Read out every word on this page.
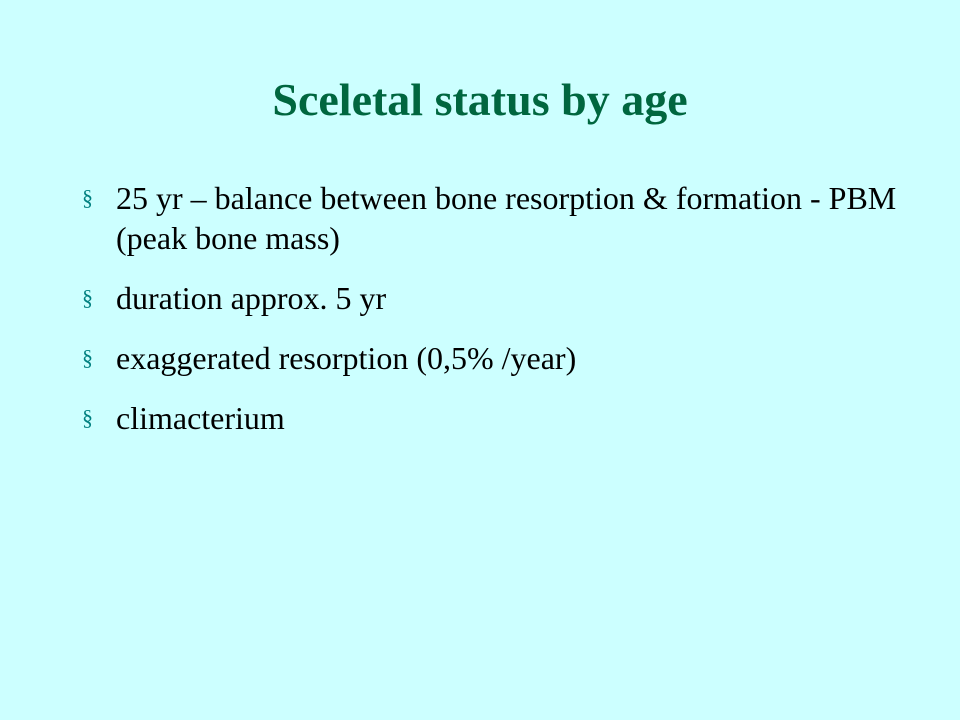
Sceletal status by age
§ 25 yr – balance between bone resorption & formation - PBM (peak bone mass)
§ duration approx. 5 yr
§ exaggerated resorption (0,5% /year)
§ climacterium
